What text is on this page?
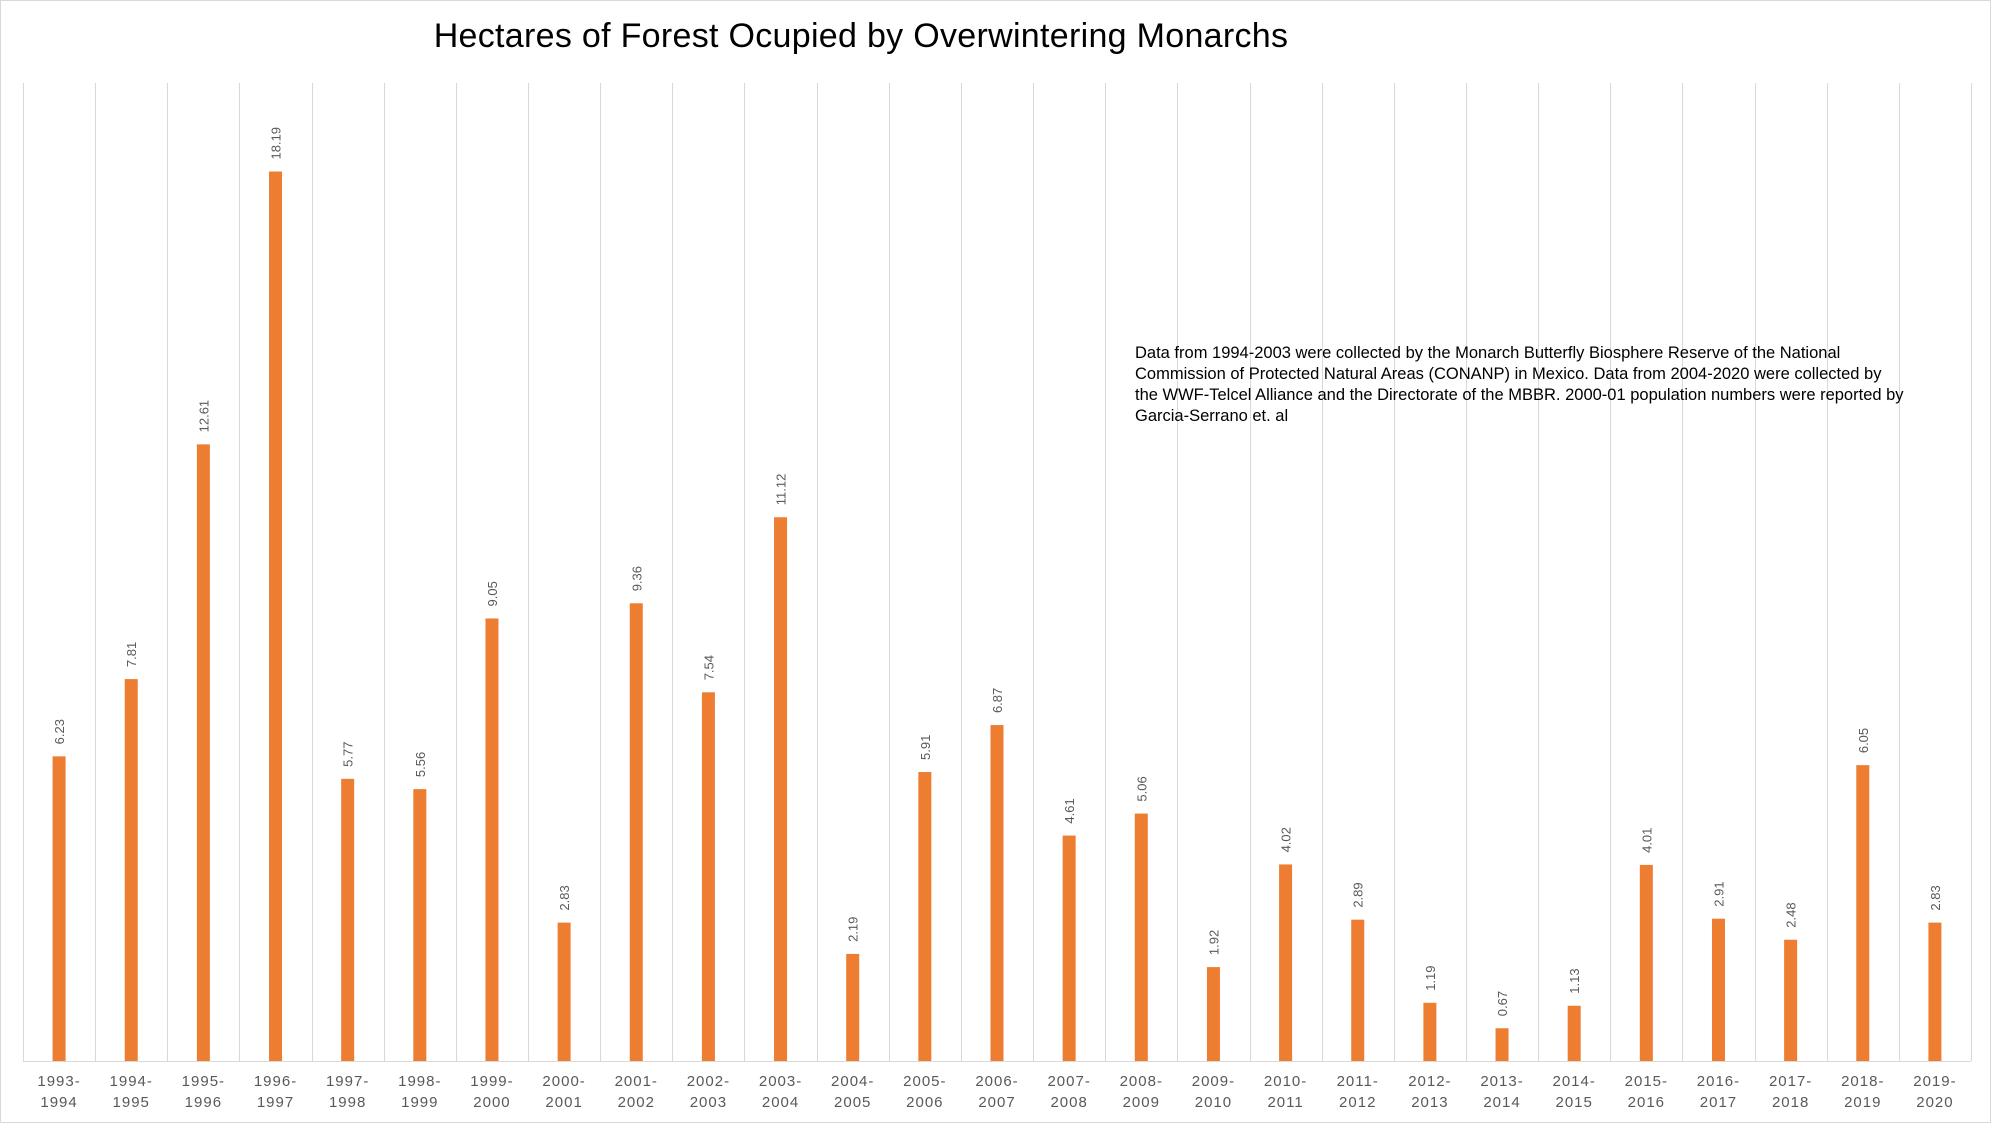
Hectares of Forest Ocupied by Overwintering Monarchs
6.23
1993-
1994
7.81
1994-
1995
12.61
1995-
1996
18.19
1996-
1997
5.77
1997-
1998
5.56
1998-
1999
9.05
1999-
2000
2.83
2000-
2001
9.36
2001-
2002
7.54
2002-
2003
11.12
2003-
2004
2.19
2004-
2005
5.91
2005-
2006
6.87
2006-
2007
4.61
2007-
2008
5.06
2008-
2009
1.92
2009-
2010
4.02
2010-
2011
2.89
2011-
2012
1.19
2012-
2013
0.67
2013-
2014
1.13
2014-
2015
4.01
2015-
2016
2.91
2016-
2017
2.48
2017-
2018
6.05
2018-
2019
2.83
2019-
2020
Data from 1994-2003 were collected by the Monarch Butterfly Biosphere Reserve of the National Commission of Protected Natural Areas (CONANP) in Mexico. Data from 2004-2020 were collected by the WWF-Telcel Alliance and the Directorate of the MBBR. 2000-01 population numbers were reported by Garcia-Serrano et. al
